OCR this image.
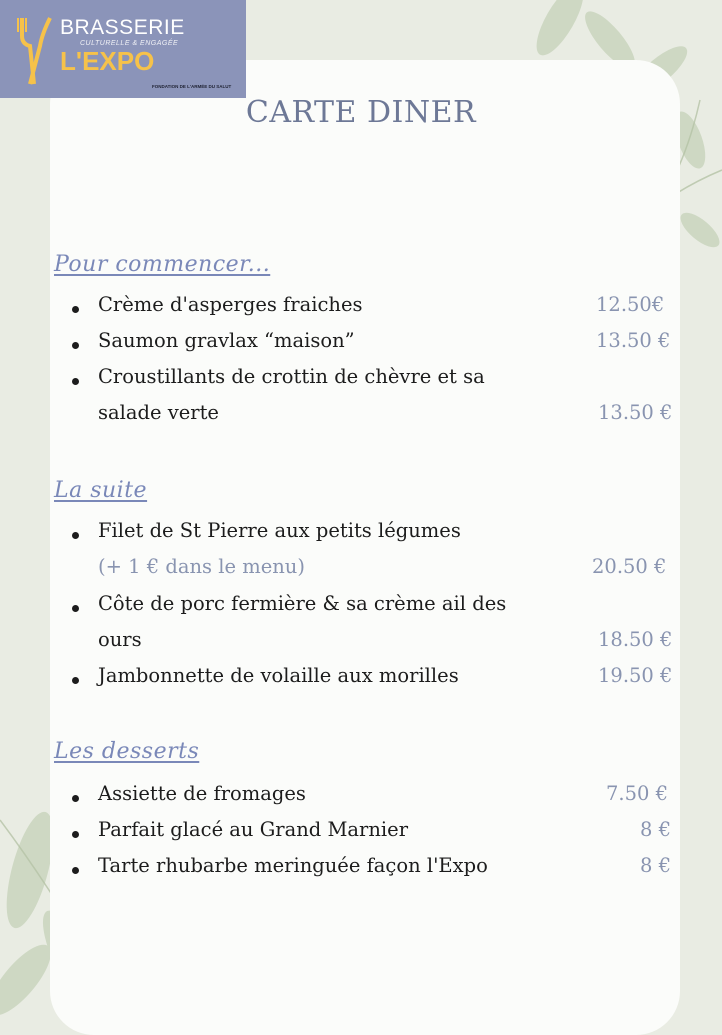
BRASSERIE
CULTURELLE & ENGAGÉE
L'EXPO
FONDATION DE L'ARMÉE DU SALUT
CARTE DINER
Pour commencer...
Crème d'asperges fraiches	12.50€
Saumon gravlax “maison”	13.50 €
Croustillants de crottin de chèvre et sa
salade verte	13.50 €
La suite
Filet de St Pierre aux petits légumes
(+ 1 € dans le menu)	20.50 €
Côte de porc fermière & sa crème ail des
ours	18.50 €
Jambonnette de volaille aux morilles	19.50 €
Les desserts
Assiette de fromages	7.50 €
Parfait glacé au Grand Marnier	8 €
Tarte rhubarbe meringuée façon l'Expo	8 €
